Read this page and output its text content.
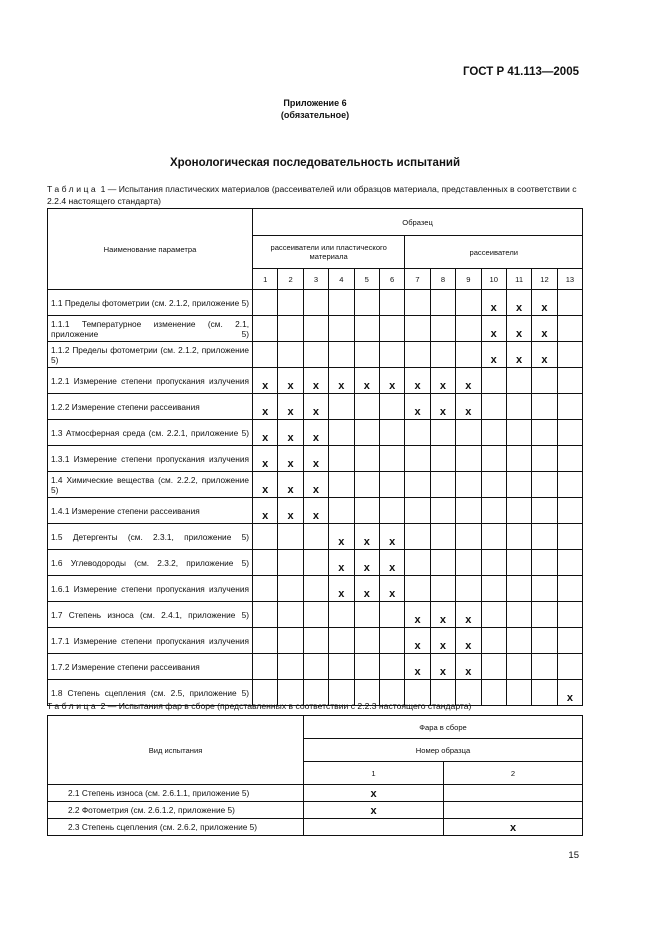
ГОСТ Р 41.113—2005
Приложение 6
(обязательное)
Хронологическая последовательность испытаний
Таблица 1 — Испытания пластических материалов (рассеивателей или образцов материала, представленных в соответствии с 2.2.4 настоящего стандарта)
Наименование параметра	Образец												
	рассеиватели или пластического материала						рассеиватели						
	1	2	3	4	5	6	7	8	9	10	11	12	13
1.1 Пределы фотометрии (см. 2.1.2, приложение 5)										x	x	x	
1.1.1 Температурное изменение (см. 2.1, приложение 5)										x	x	x	
1.1.2 Пределы фотометрии (см. 2.1.2, приложение 5)										x	x	x	
1.2.1 Измерение степени пропускания излучения	x	x	x	x	x	x	x	x	x				
1.2.2 Измерение степени рассеивания	x	x	x				x	x	x				
1.3 Атмосферная среда (см. 2.2.1, приложение 5)	x	x	x										
1.3.1 Измерение степени пропускания излучения	x	x	x										
1.4 Химические вещества (см. 2.2.2, приложение 5)	x	x	x										
1.4.1 Измерение степени рассеивания	x	x	x										
1.5 Детергенты (см. 2.3.1, приложение 5)				x	x	x							
1.6 Углеводороды (см. 2.3.2, приложение 5)				x	x	x							
1.6.1 Измерение степени пропускания излучения				x	x	x							
1.7 Степень износа (см. 2.4.1, приложение 5)							x	x	x				
1.7.1 Измерение степени пропускания излучения							x	x	x				
1.7.2 Измерение степени рассеивания							x	x	x				
1.8 Степень сцепления (см. 2.5, приложение 5)													x
Таблица 2 — Испытания фар в сборе (представленных в соответствии с 2.2.3 настоящего стандарта)
Вид испытания	Фара в сборе	
	Номер образца	
	1	2
2.1 Степень износа (см. 2.6.1.1, приложение 5)	x	
2.2 Фотометрия (см. 2.6.1.2, приложение 5)	x	
2.3 Степень сцепления (см. 2.6.2, приложение 5)		x
15
